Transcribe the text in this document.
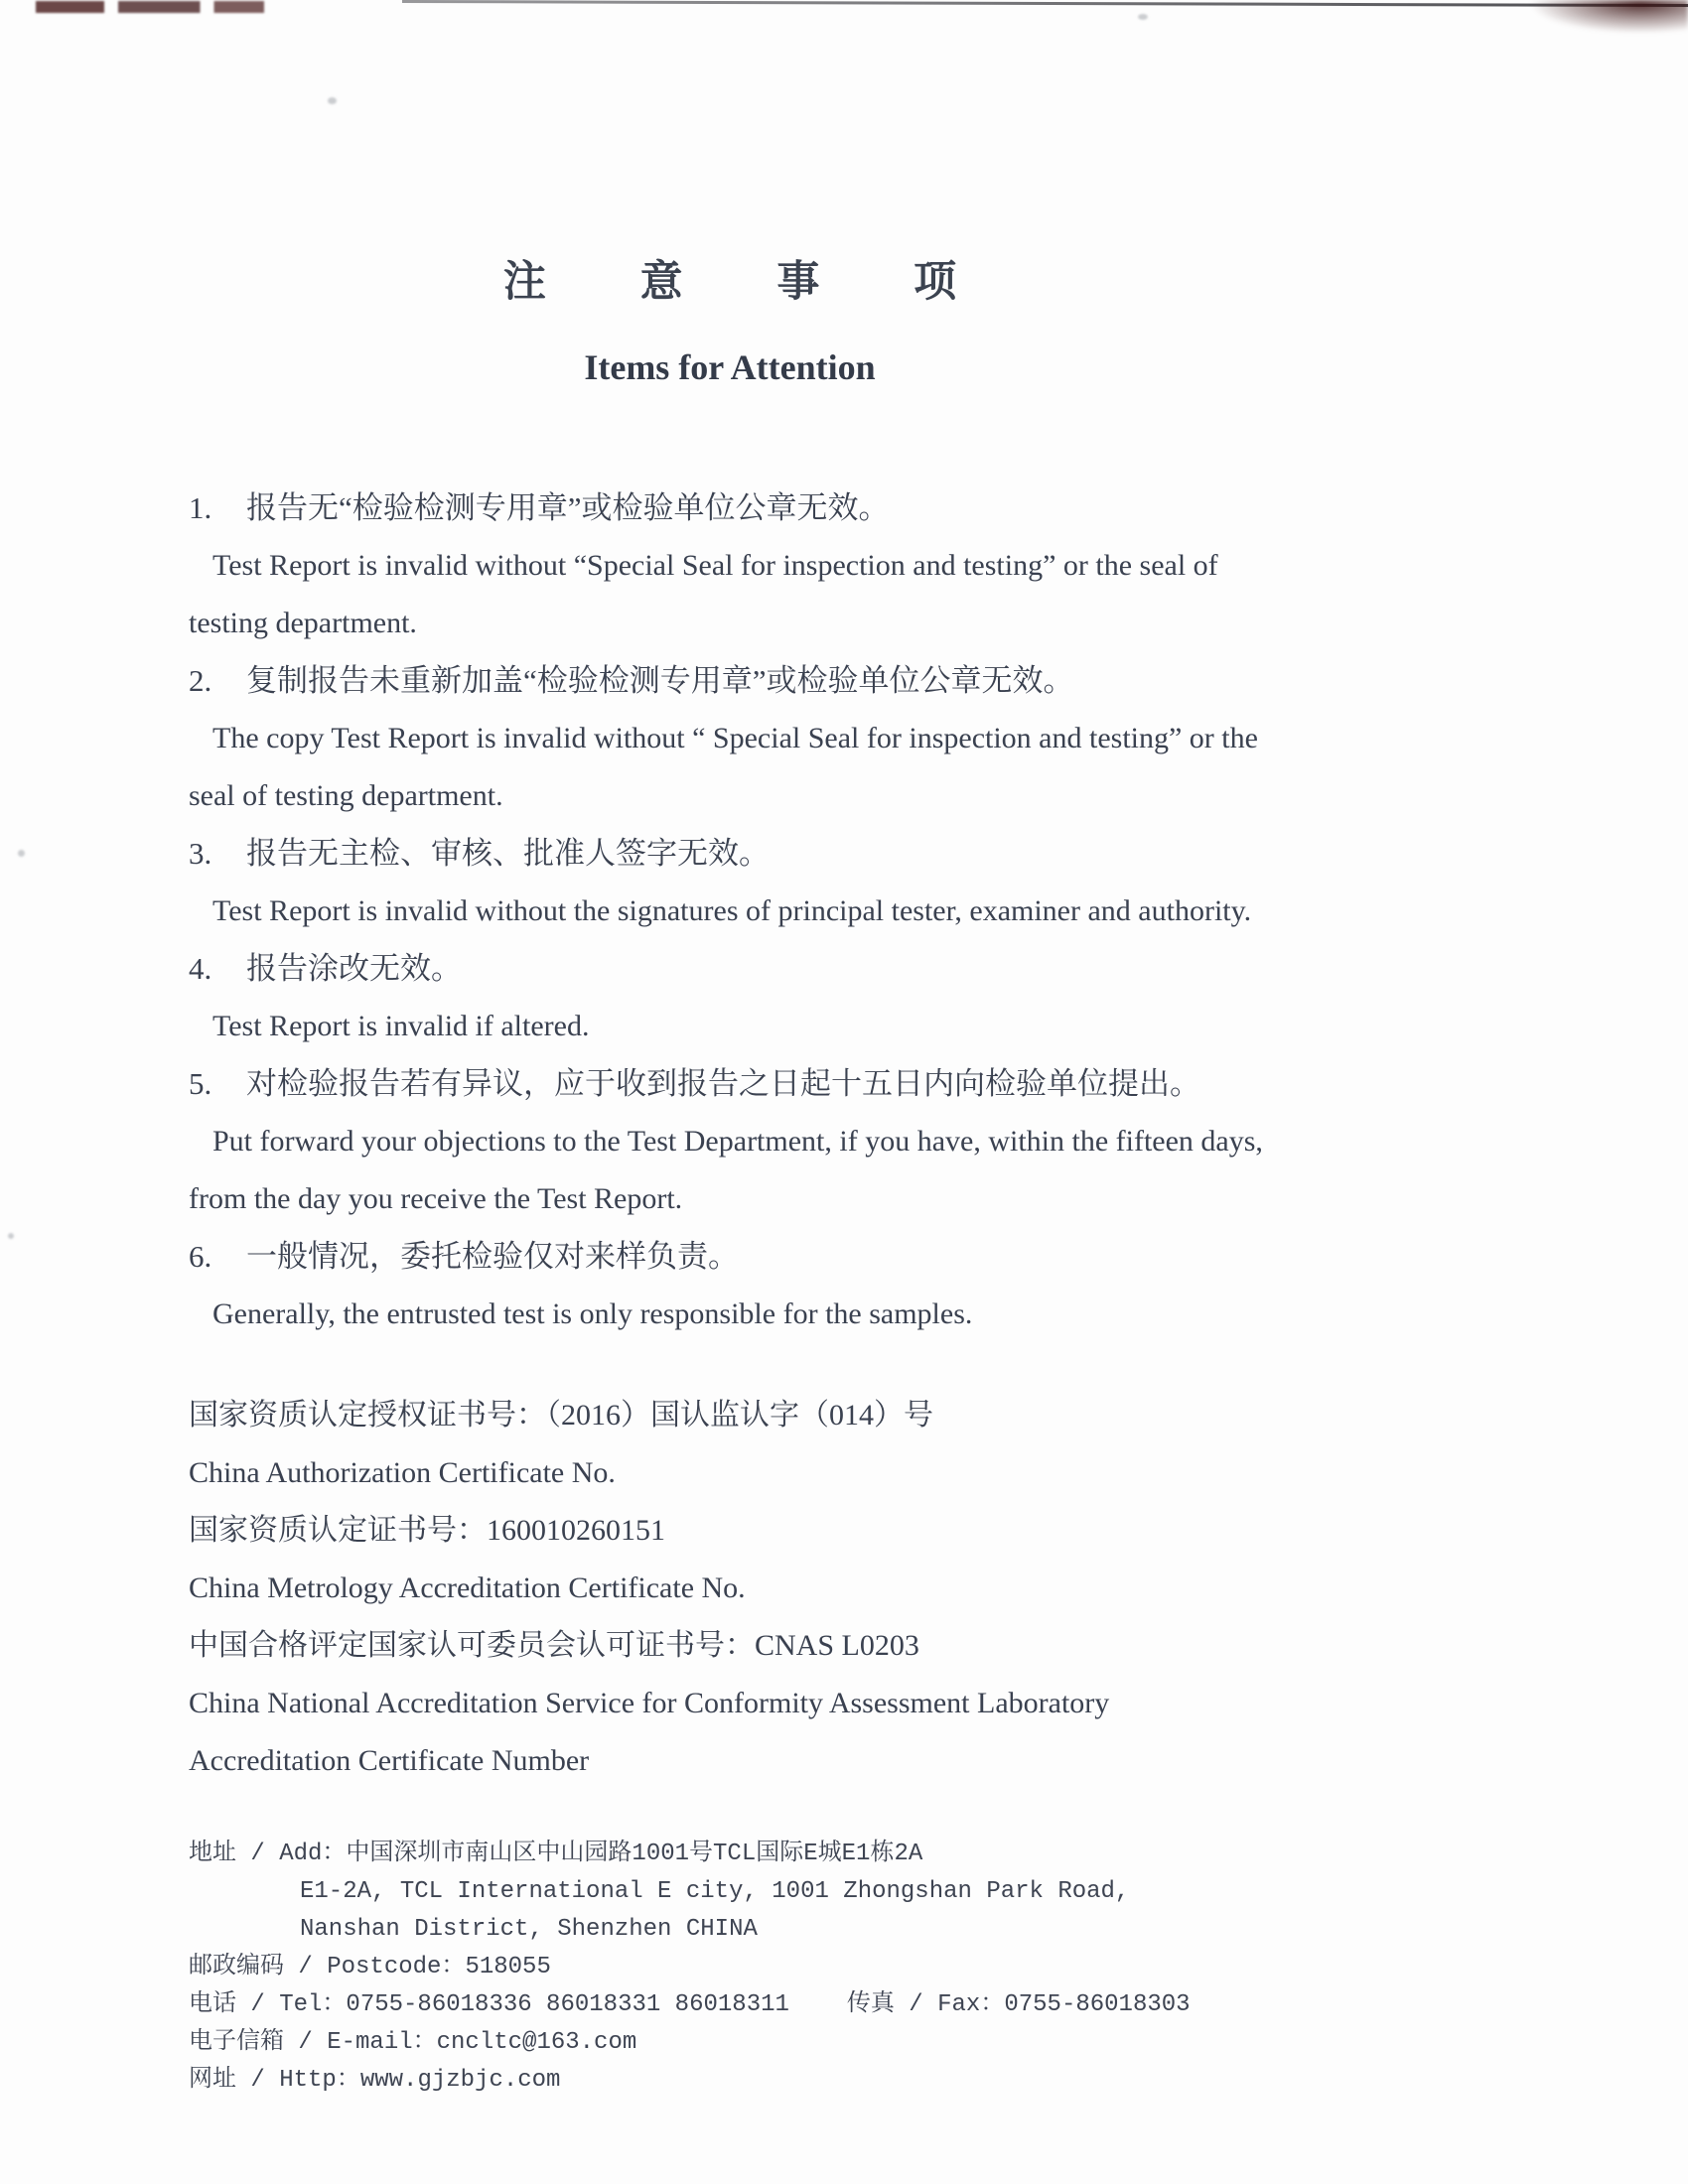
注 意 事 项
Items for Attention

1. 报告无“检验检测专用章”或检验单位公章无效。

Test Report is invalid without “Special Seal for inspection and testing” or the seal of testing department.

2. 复制报告未重新加盖“检验检测专用章”或检验单位公章无效。

The copy Test Report is invalid without “ Special Seal for inspection and testing” or the seal of testing department.

3. 报告无主检、审核、批准人签字无效。

Test Report is invalid without the signatures of principal tester, examiner and authority.

4. 报告涂改无效。

Test Report is invalid if altered.

5. 对检验报告若有异议，应于收到报告之日起十五日内向检验单位提出。

Put forward your objections to the Test Department, if you have, within the fifteen days, from the day you receive the Test Report.

6. 一般情况，委托检验仅对来样负责。

Generally, the entrusted test is only responsible for the samples.

国家资质认定授权证书号：（2016）国认监认字（014）号

China Authorization Certificate No.

国家资质认定证书号：160010260151

China Metrology Accreditation Certificate No.

中国合格评定国家认可委员会认可证书号：CNAS L0203

China National Accreditation Service for Conformity Assessment Laboratory Accreditation Certificate Number

地址 / Add：中国深圳市南山区中山园路1001号TCL国际E城E1栋2A

E1-2A, TCL International E city, 1001 Zhongshan Park Road,

Nanshan District, Shenzhen CHINA

邮政编码 / Postcode：518055

电话 / Tel：0755-86018336 86018331 86018311 传真 / Fax：0755-86018303

电子信箱 / E-mail：cncltc@163.com

网址 / Http：www.gjzbjc.com
